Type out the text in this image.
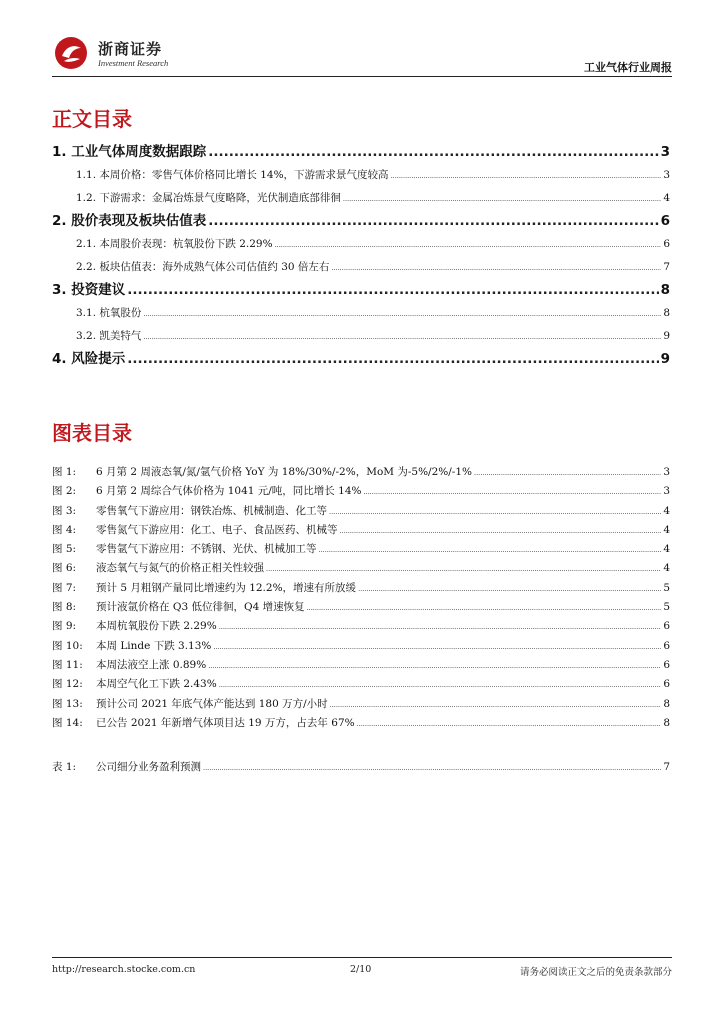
浙商证券
Investment Research	工业气体行业周报
正文目录
1. 工业气体周度数据跟踪 .....	3
1.1. 本周价格：零售气体价格同比增长 14%，下游需求景气度较高 .....	3
1.2. 下游需求：金属冶炼景气度略降，光伏制造底部徘徊 .....	4
2. 股价表现及板块估值表 .....	6
2.1. 本周股价表现：杭氧股份下跌 2.29% .....	6
2.2. 板块估值表：海外成熟气体公司估值约 30 倍左右 .....	7
3. 投资建议 .....	8
3.1. 杭氧股份 .....	8
3.2. 凯美特气 .....	9
4. 风险提示 .....	9
图表目录
图 1: 6 月第 2 周液态氧/氮/氩气价格 YoY 为 18%/30%/-2%，MoM 为-5%/2%/-1% .....	3
图 2: 6 月第 2 周综合气体价格为 1041 元/吨，同比增长 14% .....	3
图 3: 零售氧气下游应用：钢铁冶炼、机械制造、化工等 .....	4
图 4: 零售氮气下游应用：化工、电子、食品医药、机械等 .....	4
图 5: 零售氩气下游应用：不锈钢、光伏、机械加工等 .....	4
图 6: 液态氧气与氮气的价格正相关性较强 .....	4
图 7: 预计 5 月粗钢产量同比增速约为 12.2%，增速有所放缓 .....	5
图 8: 预计液氩价格在 Q3 低位徘徊，Q4 增速恢复 .....	5
图 9: 本周杭氧股份下跌 2.29% .....	6
图 10: 本周 Linde 下跌 3.13% .....	6
图 11: 本周法液空上涨 0.89% .....	6
图 12: 本周空气化工下跌 2.43% .....	6
图 13: 预计公司 2021 年底气体产能达到 180 万方/小时 .....	8
图 14: 已公告 2021 年新增气体项目达 19 万方，占去年 67% .....	8
表 1: 公司细分业务盈利预测 .....	7
http://research.stocke.com.cn	2/10	请务必阅读正文之后的免责条款部分
